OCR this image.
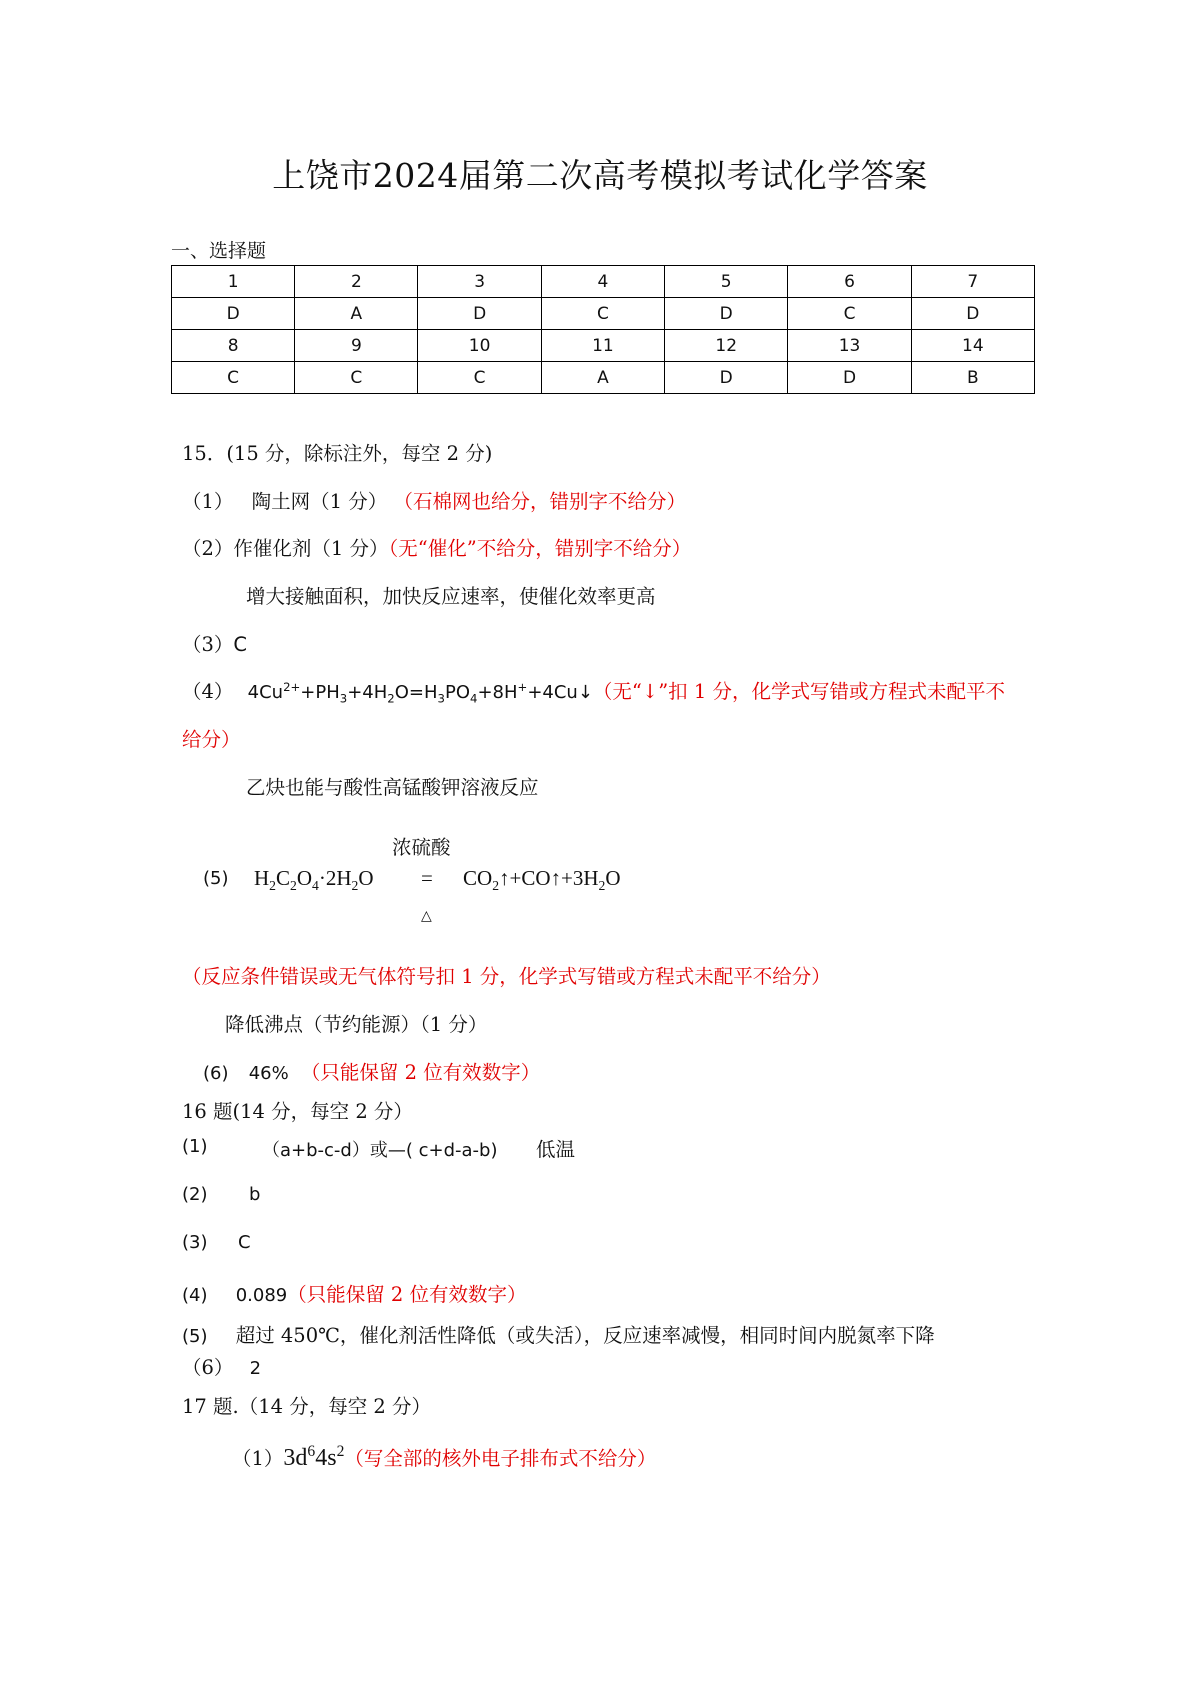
上饶市2024届第二次高考模拟考试化学答案
一、选择题
1	2	3	4	5	6	7
D	A	D	C	D	C	D
8	9	10	11	12	13	14
C	C	C	A	D	D	B
15．(15 分，除标注外，每空 2 分)
（1） 陶土网（1 分） （石棉网也给分，错别字不给分）
（2）作催化剂（1 分）（无“催化”不给分，错别字不给分）
增大接触面积，加快反应速率，使催化效率更高
（3）C
（4） $4Cu^{2+}+PH_3+4H_2O=H_3PO_4+8H^++4Cu↓$（无“↓”扣 1 分，化学式写错或方程式未配平不
给分）
乙炔也能与酸性高锰酸钾溶液反应
浓硫酸
(5) $H_2C_2O_4\cdot 2H_2O$ = $CO_2↑+CO↑+3H_2O$
△
（反应条件错误或无气体符号扣 1 分，化学式写错或方程式未配平不给分）
降低沸点（节约能源）（1 分）
(6) 46% （只能保留 2 位有效数字）
16 题(14 分，每空 2 分）
(1)	（a+b-c-d）或—( c+d-a-b) 低温
(2) b
(3) C
(4) 0.089（只能保留 2 位有效数字）
(5) 超过 450℃，催化剂活性降低（或失活），反应速率减慢，相同时间内脱氮率下降
（6） 2
17 题.（14 分，每空 2 分）
$(1)3d^64s^2$（写全部的核外电子排布式不给分）
